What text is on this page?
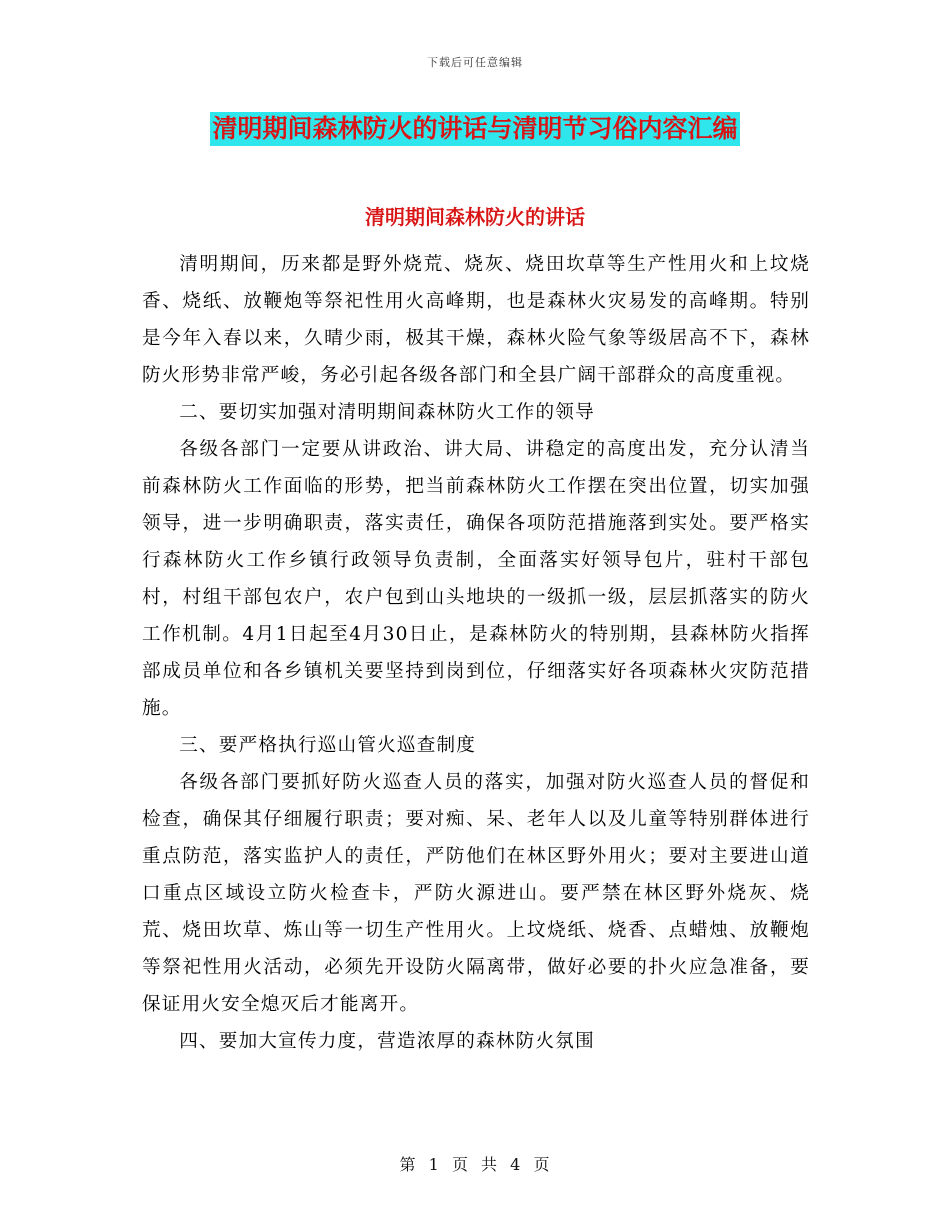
下载后可任意编辑
清明期间森林防火的讲话与清明节习俗内容汇编
清明期间森林防火的讲话

清明期间，历来都是野外烧荒、烧灰、烧田坎草等生产性用火和上坟烧香、烧纸、放鞭炮等祭祀性用火高峰期，也是森林火灾易发的高峰期。特别是今年入春以来，久晴少雨，极其干燥，森林火险气象等级居高不下，森林防火形势非常严峻，务必引起各级各部门和全县广阔干部群众的高度重视。

二、要切实加强对清明期间森林防火工作的领导

各级各部门一定要从讲政治、讲大局、讲稳定的高度出发，充分认清当前森林防火工作面临的形势，把当前森林防火工作摆在突出位置，切实加强领导，进一步明确职责，落实责任，确保各项防范措施落到实处。要严格实行森林防火工作乡镇行政领导负责制，全面落实好领导包片，驻村干部包村，村组干部包农户，农户包到山头地块的一级抓一级，层层抓落实的防火工作机制。4月1日起至4月30日止，是森林防火的特别期，县森林防火指挥部成员单位和各乡镇机关要坚持到岗到位，仔细落实好各项森林火灾防范措施。

三、要严格执行巡山管火巡查制度

各级各部门要抓好防火巡查人员的落实，加强对防火巡查人员的督促和检查，确保其仔细履行职责；要对痴、呆、老年人以及儿童等特别群体进行重点防范，落实监护人的责任，严防他们在林区野外用火；要对主要进山道口重点区域设立防火检查卡，严防火源进山。要严禁在林区野外烧灰、烧荒、烧田坎草、炼山等一切生产性用火。上坟烧纸、烧香、点蜡烛、放鞭炮等祭祀性用火活动，必须先开设防火隔离带，做好必要的扑火应急准备，要保证用火安全熄灭后才能离开。

四、要加大宣传力度，营造浓厚的森林防火氛围

第 1 页 共 4 页
